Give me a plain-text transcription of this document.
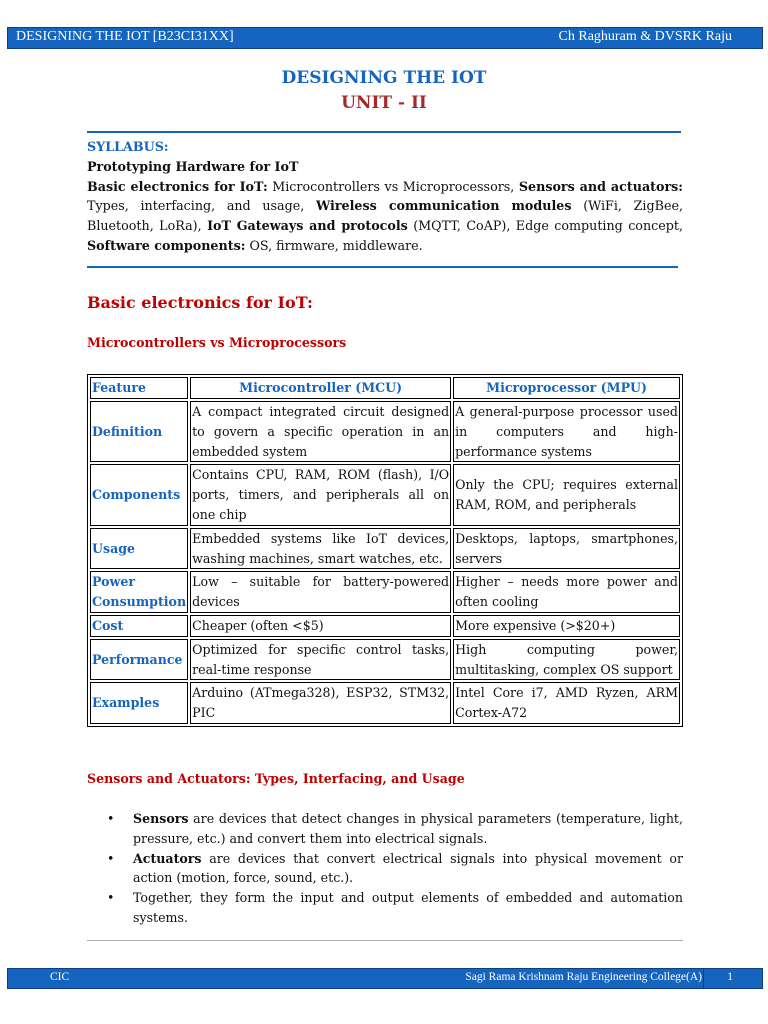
DESIGNING THE IOT [B23CI31XX]	Ch Raghuram & DVSRK Raju
DESIGNING THE IOT
UNIT - II
SYLLABUS:
Prototyping Hardware for IoT
Basic electronics for IoT: Microcontrollers vs Microprocessors, Sensors and actuators:
Types, interfacing, and usage, Wireless communication modules (WiFi, ZigBee,
Bluetooth, LoRa), IoT Gateways and protocols (MQTT, CoAP), Edge computing concept,
Software components: OS, firmware, middleware.
Basic electronics for IoT:
Microcontrollers vs Microprocessors
Feature	Microcontroller (MCU)	Microprocessor (MPU)
Definition	A compact integrated circuit designed to govern a specific operation in an embedded system	A general-purpose processor used in computers and high-performance systems
Components	Contains CPU, RAM, ROM (flash), I/O ports, timers, and peripherals all on one chip	Only the CPU; requires external RAM, ROM, and peripherals
Usage	Embedded systems like IoT devices, washing machines, smart watches, etc.	Desktops, laptops, smartphones, servers
Power Consumption	Low – suitable for battery-powered devices	Higher – needs more power and often cooling
Cost	Cheaper (often <$5)	More expensive (>$20+)
Performance	Optimized for specific control tasks, real-time response	High computing power, multitasking, complex OS support
Examples	Arduino (ATmega328), ESP32, STM32, PIC	Intel Core i7, AMD Ryzen, ARM Cortex-A72
Sensors and Actuators: Types, Interfacing, and Usage
• Sensors are devices that detect changes in physical parameters (temperature, light, pressure, etc.) and convert them into electrical signals.
• Actuators are devices that convert electrical signals into physical movement or action (motion, force, sound, etc.).
• Together, they form the input and output elements of embedded and automation systems.
CIC	Sagi Rama Krishnam Raju Engineering College(A) 1
